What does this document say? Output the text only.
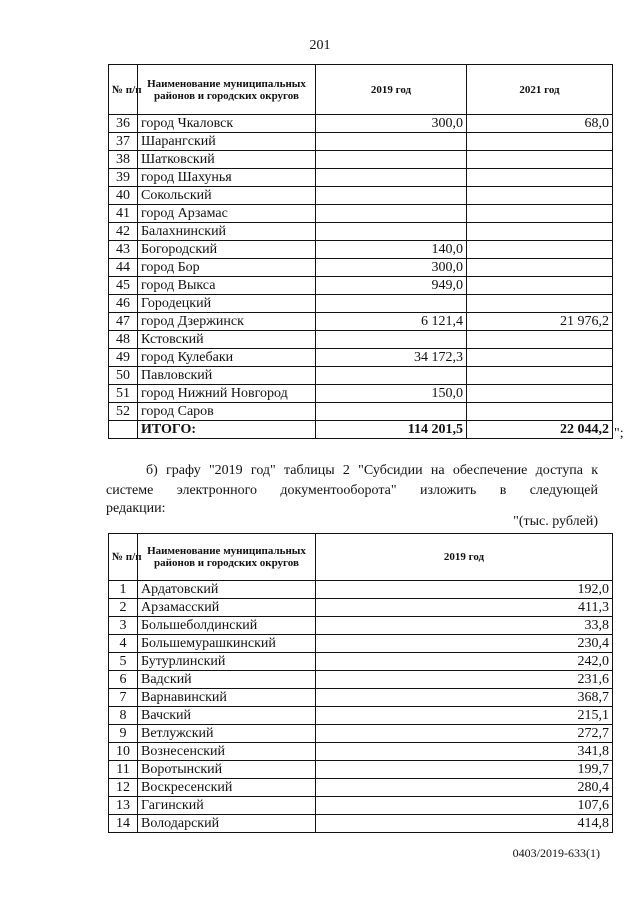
201
№ п/п	Наименование муниципальных районов и городских округов	2019 год	2021 год
36	город Чкаловск	300,0	68,0
37	Шарангский		
38	Шатковский		
39	город Шахунья		
40	Сокольский		
41	город Арзамас		
42	Балахнинский		
43	Богородский	140,0	
44	город Бор	300,0	
45	город Выкса	949,0	
46	Городецкий		
47	город Дзержинск	6 121,4	21 976,2
48	Кстовский		
49	город Кулебаки	34 172,3	
50	Павловский		
51	город Нижний Новгород	150,0	
52	город Саров		
	ИТОГО:	114 201,5	22 044,2 ";
б) графу "2019 год" таблицы 2 "Субсидии на обеспечение доступа к
системе электронного документооборота" изложить в следующей
редакции:
"(тыс. рублей)
№ п/п	Наименование муниципальных районов и городских округов	2019 год
1	Ардатовский	192,0
2	Арзамасский	411,3
3	Большеболдинский	33,8
4	Большемурашкинский	230,4
5	Бутурлинский	242,0
6	Вадский	231,6
7	Варнавинский	368,7
8	Вачский	215,1
9	Ветлужский	272,7
10	Вознесенский	341,8
11	Воротынский	199,7
12	Воскресенский	280,4
13	Гагинский	107,6
14	Володарский	414,8
0403/2019-633(1)
